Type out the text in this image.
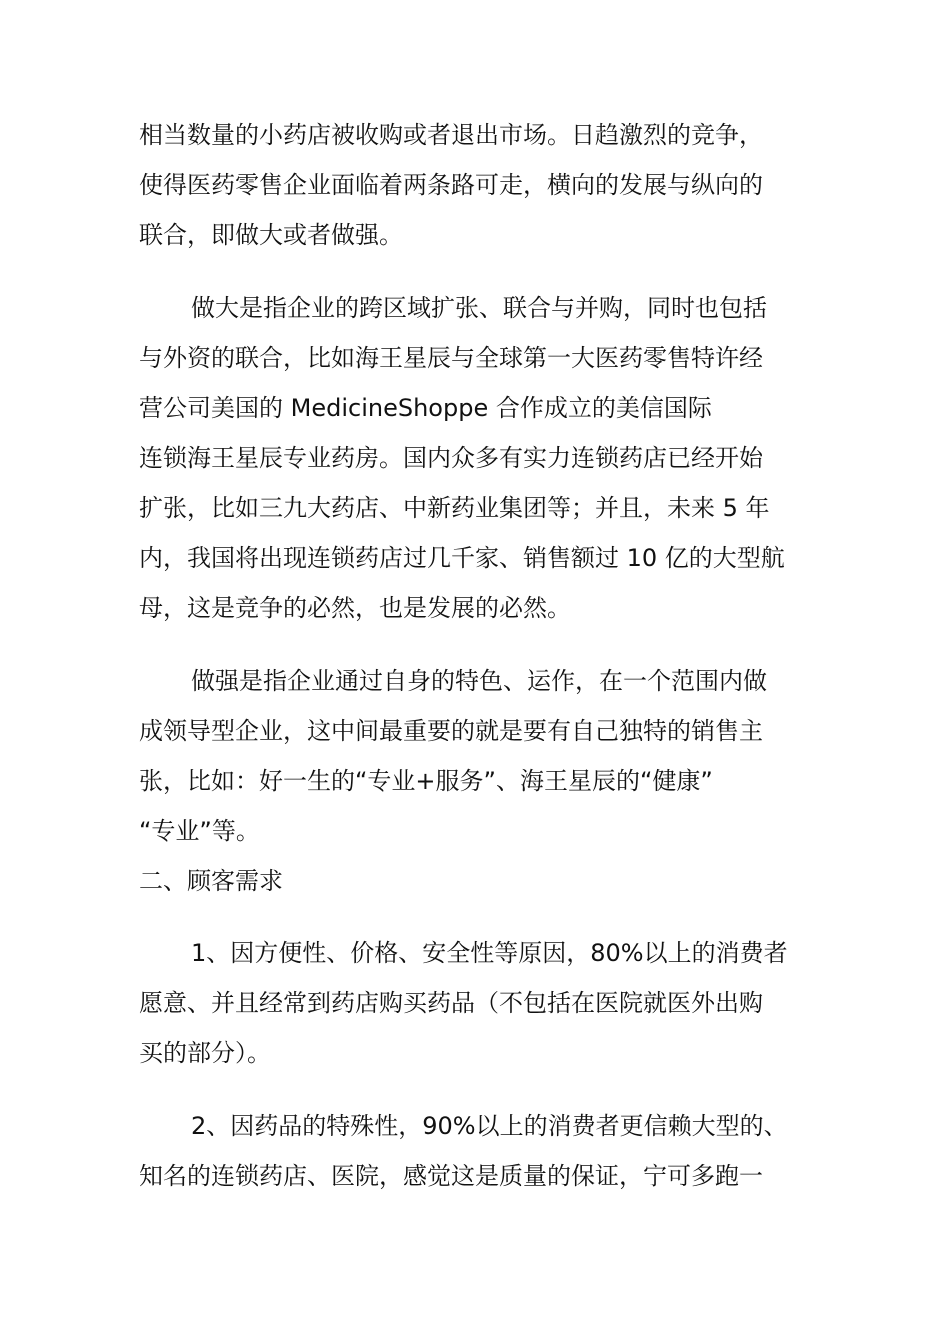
相当数量的小药店被收购或者退出市场。日趋激烈的竞争，
使得医药零售企业面临着两条路可走，横向的发展与纵向的
联合，即做大或者做强。
做大是指企业的跨区域扩张、联合与并购，同时也包括
与外资的联合，比如海王星辰与全球第一大医药零售特许经
营公司美国的 MedicineShoppe 合作成立的美信国际
连锁海王星辰专业药房。国内众多有实力连锁药店已经开始
扩张，比如三九大药店、中新药业集团等；并且，未来 5 年
内，我国将出现连锁药店过几千家、销售额过 10 亿的大型航
母，这是竞争的必然，也是发展的必然。
做强是指企业通过自身的特色、运作，在一个范围内做
成领导型企业，这中间最重要的就是要有自己独特的销售主
张，比如：好一生的“专业+服务”、海王星辰的“健康”
“专业”等。
二、顾客需求
1、因方便性、价格、安全性等原因，80%以上的消费者
愿意、并且经常到药店购买药品（不包括在医院就医外出购
买的部分）。
2、因药品的特殊性，90%以上的消费者更信赖大型的、
知名的连锁药店、医院，感觉这是质量的保证，宁可多跑一
